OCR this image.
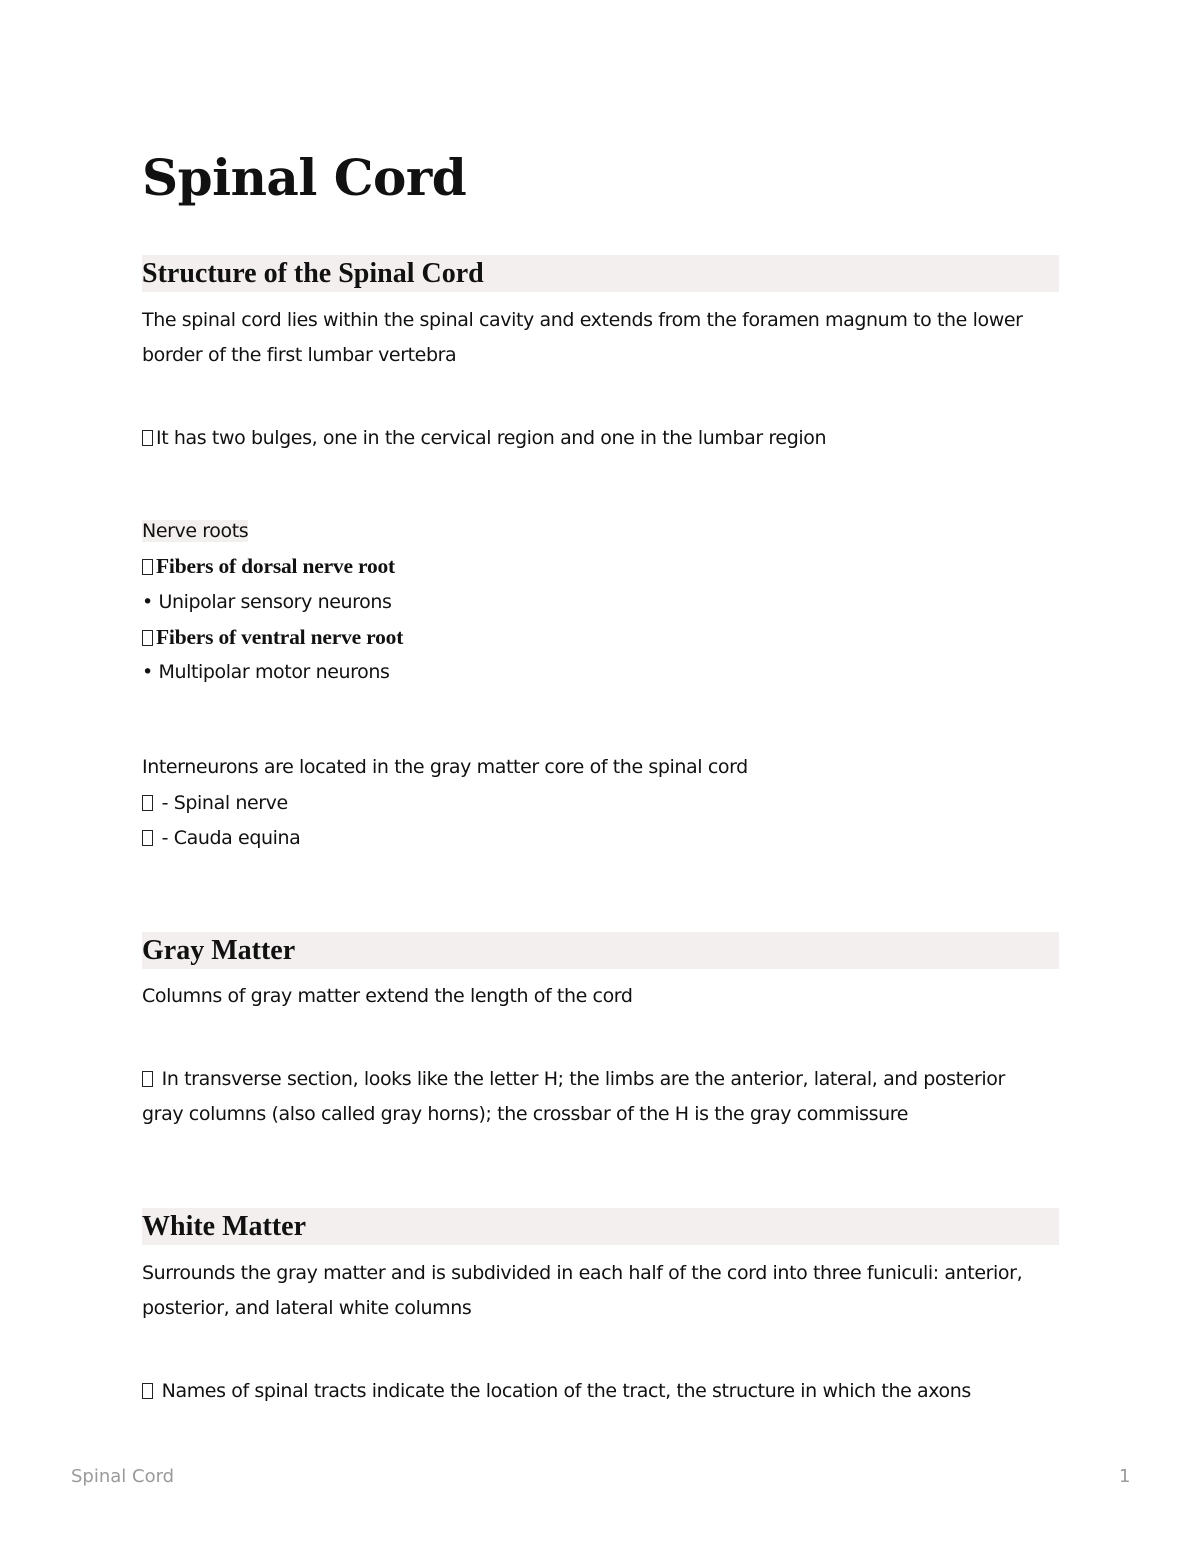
Spinal Cord
Structure of the Spinal Cord
The spinal cord lies within the spinal cavity and extends from the foramen magnum to the lower
border of the first lumbar vertebra
It has two bulges, one in the cervical region and one in the lumbar region
Nerve roots
Fibers of dorsal nerve root
• Unipolar sensory neurons
Fibers of ventral nerve root
• Multipolar motor neurons
Interneurons are located in the gray matter core of the spinal cord
- Spinal nerve
- Cauda equina
Gray Matter
Columns of gray matter extend the length of the cord
In transverse section, looks like the letter H; the limbs are the anterior, lateral, and posterior
gray columns (also called gray horns); the crossbar of the H is the gray commissure
White Matter
Surrounds the gray matter and is subdivided in each half of the cord into three funiculi: anterior,
posterior, and lateral white columns
Names of spinal tracts indicate the location of the tract, the structure in which the axons
Spinal Cord	1
